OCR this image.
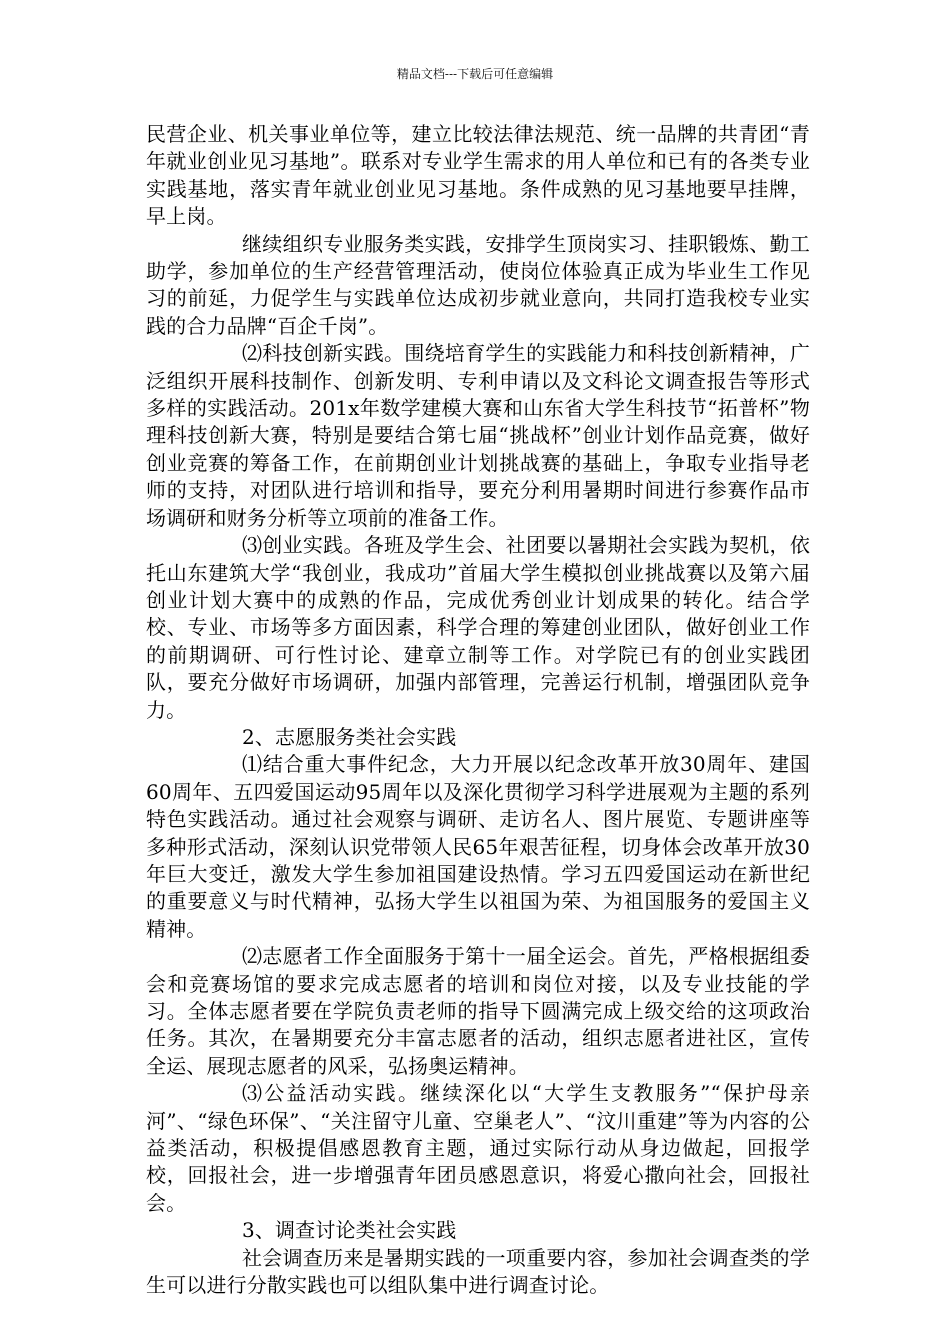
精品文档---下载后可任意编辑

民营企业、机关事业单位等，建立比较法律法规范、统一品牌的共青团“青年就业创业见习基地”。联系对专业学生需求的用人单位和已有的各类专业实践基地，落实青年就业创业见习基地。条件成熟的见习基地要早挂牌，早上岗。

继续组织专业服务类实践，安排学生顶岗实习、挂职锻炼、勤工助学，参加单位的生产经营管理活动，使岗位体验真正成为毕业生工作见习的前延，力促学生与实践单位达成初步就业意向，共同打造我校专业实践的合力品牌“百企千岗”。

⑵科技创新实践。围绕培育学生的实践能力和科技创新精神，广泛组织开展科技制作、创新发明、专利申请以及文科论文调查报告等形式多样的实践活动。201x年数学建模大赛和山东省大学生科技节“拓普杯”物理科技创新大赛，特别是要结合第七届“挑战杯”创业计划作品竞赛，做好创业竞赛的筹备工作，在前期创业计划挑战赛的基础上，争取专业指导老师的支持，对团队进行培训和指导，要充分利用暑期时间进行参赛作品市场调研和财务分析等立项前的准备工作。

⑶创业实践。各班及学生会、社团要以暑期社会实践为契机，依托山东建筑大学“我创业，我成功”首届大学生模拟创业挑战赛以及第六届创业计划大赛中的成熟的作品，完成优秀创业计划成果的转化。结合学校、专业、市场等多方面因素，科学合理的筹建创业团队，做好创业工作的前期调研、可行性讨论、建章立制等工作。对学院已有的创业实践团队，要充分做好市场调研，加强内部管理，完善运行机制，增强团队竞争力。

2、志愿服务类社会实践

⑴结合重大事件纪念，大力开展以纪念改革开放30周年、建国60周年、五四爱国运动95周年以及深化贯彻学习科学进展观为主题的系列特色实践活动。通过社会观察与调研、走访名人、图片展览、专题讲座等多种形式活动，深刻认识党带领人民65年艰苦征程，切身体会改革开放30年巨大变迁，激发大学生参加祖国建设热情。学习五四爱国运动在新世纪的重要意义与时代精神，弘扬大学生以祖国为荣、为祖国服务的爱国主义精神。

⑵志愿者工作全面服务于第十一届全运会。首先，严格根据组委会和竞赛场馆的要求完成志愿者的培训和岗位对接，以及专业技能的学习。全体志愿者要在学院负责老师的指导下圆满完成上级交给的这项政治任务。其次，在暑期要充分丰富志愿者的活动，组织志愿者进社区，宣传全运、展现志愿者的风采，弘扬奥运精神。

⑶公益活动实践。继续深化以“大学生支教服务”“保护母亲河”、“绿色环保”、“关注留守儿童、空巢老人”、“汶川重建”等为内容的公益类活动，积极提倡感恩教育主题，通过实际行动从身边做起，回报学校，回报社会，进一步增强青年团员感恩意识，将爱心撒向社会，回报社会。

3、调查讨论类社会实践

社会调查历来是暑期实践的一项重要内容，参加社会调查类的学生可以进行分散实践也可以组队集中进行调查讨论。
